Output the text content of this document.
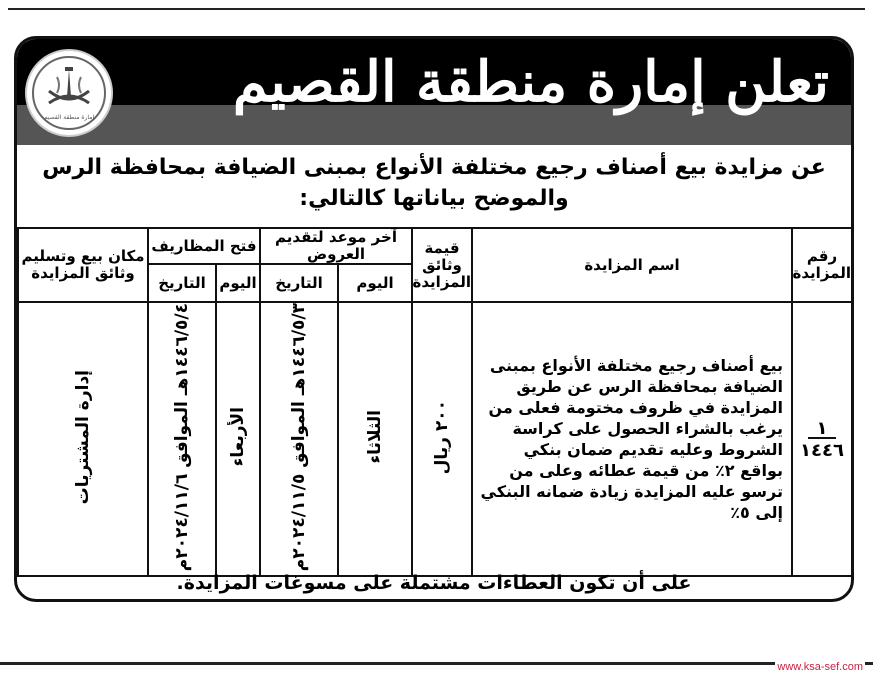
تعلن إمارة منطقة القصيم
إمارة منطقة القصيم
عن مزايدة بيع أصناف رجيع مختلفة الأنواع بمبنى الضيافة بمحافظة الرس
والموضح بياناتها كالتالي:
رقم المزايدة	اسم المزايدة	قيمة وثائق المزايدة	آخر موعد لتقديم العروض		فتح المظاريف		مكان بيع وتسليم وثائق المزايدة
			اليوم	التاريخ	اليوم	التاريخ	

١
١٤٤٦	بيع أصناف رجيع مختلفة الأنواع بمبنى الضيافة بمحافظة الرس عن طريق المزايدة في ظروف مختومة فعلى من يرغب بالشراء الحصول على كراسة الشروط وعليه تقديم ضمان بنكي بواقع ٢٪ من قيمة عطائه وعلى من ترسو عليه المزايدة زيادة ضمانه البنكي إلى ٥٪	٢٠٠ ريال	الثلاثاء	١٤٤٦/٥/٣هـ الموافق ٢٠٢٤/١١/٥م	الأربعاء	١٤٤٦/٥/٤هـ الموافق ٢٠٢٤/١١/٦م	إدارة المشتريات
على أن تكون العطاءات مشتملة على مسوغات المزايدة.
www.ksa-sef.com
